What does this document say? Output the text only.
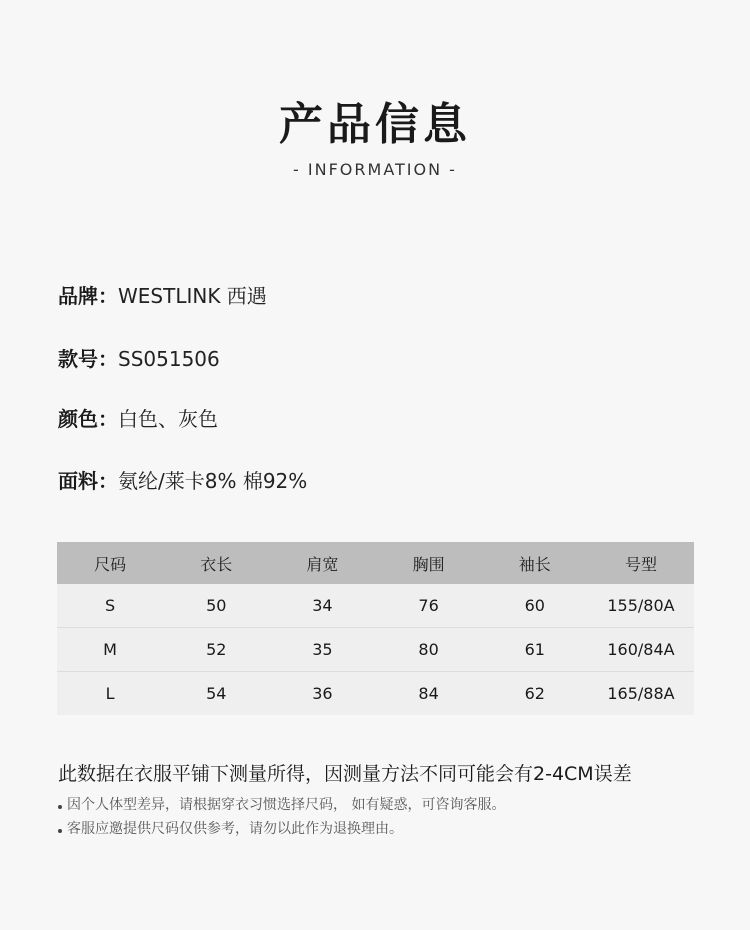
产品信息
- INFORMATION -
品牌： WESTLINK 西遇
款号： SS051506
颜色： 白色、灰色
面料： 氨纶/莱卡8% 棉92%
尺码	衣长	肩宽	胸围	袖长	号型
S	50	34	76	60	155/80A
M	52	35	80	61	160/84A
L	54	36	84	62	165/88A
此数据在衣服平铺下测量所得，因测量方法不同可能会有2-4CM误差
因个人体型差异，请根据穿衣习惯选择尺码， 如有疑惑，可咨询客服。
客服应邀提供尺码仅供参考，请勿以此作为退换理由。
